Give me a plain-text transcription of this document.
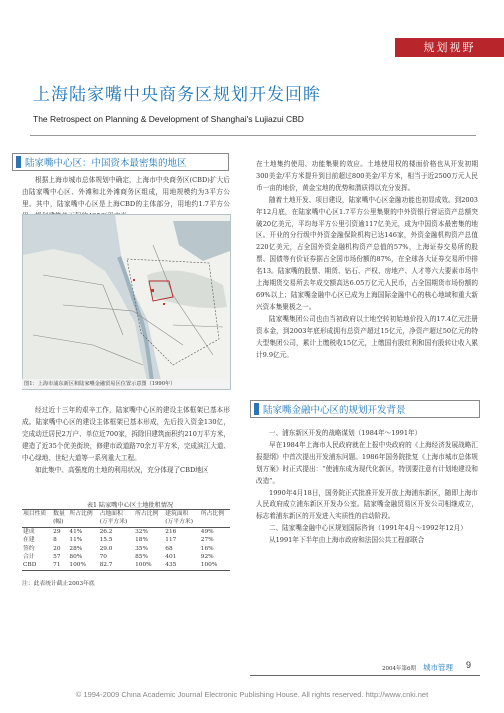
规划视野
上海陆家嘴中央商务区规划开发回眸
The Retrospect on Planning & Development of Shanghai's Lujiazui CBD
陆家嘴中心区：中国资本最密集的地区

根据上海市城市总体规划中确定，上海市中央商务区(CBD)扩大后由陆家嘴中心区、外滩和北外滩商务区组成，用地规模约为3平方公里。其中，陆家嘴中心区是上海CBD的主体部分，用地约1.7平方公

图1：上海市浦东新区和陆家嘴金融贸易区位置示意图（1990年）

经过近十三年的艰辛工作，陆家嘴中心区的建设主体框架已基本形成。陆家嘴中心区的建设主体框架已基本形成，先后投入资金130亿，完成动迁居民2万户、单位近700家，拆除旧建筑面积约210万平方米，建造了近35个优美街块，修建市政道路70余万平方米，完成滨江大道、中心绿地、世纪大道等一系列重大工程。

如此集中、高强度的土地的利用状况，充分体现了CBD地区

表1 陆家嘴中心区土地批租情况
项目性质	数量	所占比例	占地面积	所占比例	建筑面积	所占比例
	(幅)		(万平方米)		(万平方米)	
建成	29	41%	26.2	32%	216	49%
在建	8	11%	15.5	18%	117	27%
签约	20	28%	29.0	35%	68	16%
合计	57	80%	70	85%	401	92%
CBD	71	100%	82.7	100%	435	100%
注：此表统计截止2003年底

在土地集约使用、功能集聚的效应。土地使用权的楼面价格也从开发初期300美金/平方米提升到目前超过800美金/平方米，相当于近2500万元人民币一亩的地价，黄金宝地的优势和潜质得以充分发挥。

随着土地开发、项目建设，陆家嘴中心区金融功能也初显成效。到2003年12月底，在陆家嘴中心区1.7平方公里集聚的中外资银行营运资产总额突破20亿美元，平均每平方公里引资逾117亿美元，成为中国资本最密集的地区。开业的分行级中外资金融保险机构已达146家，外资金融机构资产总值220亿美元，占全国外资金融机构资产总值的57%，上海证券交易所的股票、国债等有价证券据占全国市场份额的87%，在全球各大证券交易所中排名13。陆家嘴的股票、期货、钻石、产权、房地产、人才等六大要素市场中上海期货交易所去年成交额高达6.05万亿元人民币，占全国期货市场份额的69%以上；陆家嘴金融中心区已成为上海国际金融中心的核心地域和重大新兴资本集聚极之一。

陆家嘴集团公司也由当初政府以土地空转初始地价投入的17.4亿元注册资本金，到2003年底形成拥有总资产超过15亿元，净资产超过50亿元的特大型集团公司，累计上缴税收15亿元，上缴国有股红利和国有股转让收入累计9.9亿元。

陆家嘴金融中心区的规划开发背景

一、浦东新区开发的战略谋划（1984年～1991年）

早在1984年上海市人民政府就在上报中央政府的《上海经济发展战略汇报提纲》中首次提出开发浦东问题。1986年国务院批复《上海市城市总体规划方案》时正式提出：“使浦东成为现代化新区，特别要注意有计划地建设和改造”。

1990年4月18日，国务院正式批准开发开放上海浦东新区，随即上海市人民政府成立浦东新区开发办公室。陆家嘴金融贸易区开发公司相继成立，标志着浦东新区的开发进入实质性的启动阶段。

二、陆家嘴金融中心区规划国际咨询（1991年4月～1992年12月）

从1991年下半年由上海市政府和法国公共工程部联合

2004年第6期 城市管理 9
© 1994-2009 China Academic Journal Electronic Publishing House. All rights reserved. http://www.cnki.net
